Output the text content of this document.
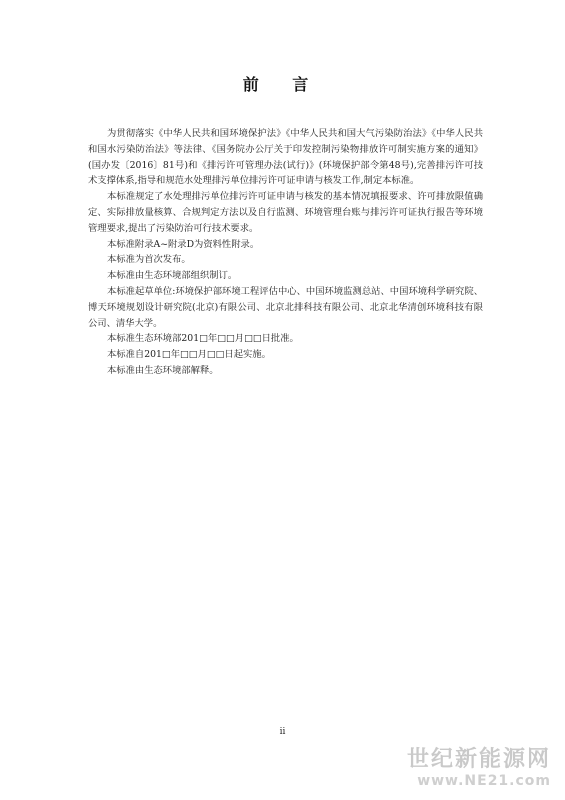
前 言

为贯彻落实《中华人民共和国环境保护法》《中华人民共和国大气污染防治法》《中华人民共和国水污染防治法》等法律、《国务院办公厅关于印发控制污染物排放许可制实施方案的通知》(国办发〔2016〕81号)和《排污许可管理办法(试行)》(环境保护部令第48号),完善排污许可技术支撑体系,指导和规范水处理排污单位排污许可证申请与核发工作,制定本标准。

本标准规定了水处理排污单位排污许可证申请与核发的基本情况填报要求、许可排放限值确定、实际排放量核算、合规判定方法以及自行监测、环境管理台账与排污许可证执行报告等环境管理要求,提出了污染防治可行技术要求。

本标准附录A~附录D为资料性附录。

本标准为首次发布。

本标准由生态环境部组织制订。

本标准起草单位:环境保护部环境工程评估中心、中国环境监测总站、中国环境科学研究院、博天环境规划设计研究院(北京)有限公司、北京北排科技有限公司、北京北华清创环境科技有限公司、清华大学。

本标准生态环境部201□年□□月□□日批准。

本标准自201□年□□月□□日起实施。

本标准由生态环境部解释。

ii
世纪新能源网
www.NE21.com
